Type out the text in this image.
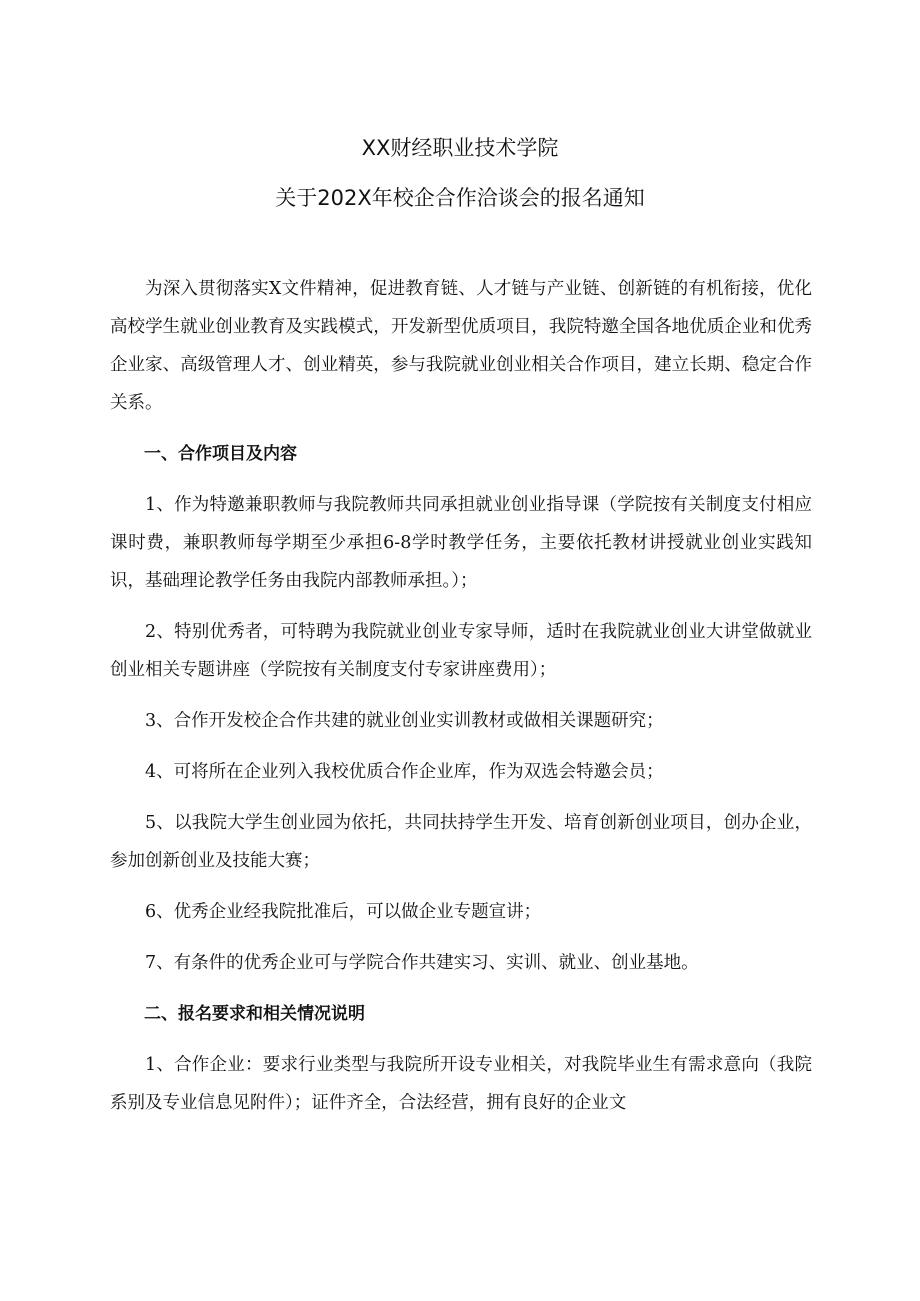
XX财经职业技术学院
关于202X年校企合作洽谈会的报名通知

为深入贯彻落实X文件精神，促进教育链、人才链与产业链、创新链的有机衔接，优化高校学生就业创业教育及实践模式，开发新型优质项目，我院特邀全国各地优质企业和优秀企业家、高级管理人才、创业精英，参与我院就业创业相关合作项目，建立长期、稳定合作关系。

一、合作项目及内容

1、作为特邀兼职教师与我院教师共同承担就业创业指导课（学院按有关制度支付相应课时费，兼职教师每学期至少承担6-8学时教学任务，主要依托教材讲授就业创业实践知识，基础理论教学任务由我院内部教师承担。）；

2、特别优秀者，可特聘为我院就业创业专家导师，适时在我院就业创业大讲堂做就业创业相关专题讲座（学院按有关制度支付专家讲座费用）；

3、合作开发校企合作共建的就业创业实训教材或做相关课题研究；

4、可将所在企业列入我校优质合作企业库，作为双选会特邀会员；

5、以我院大学生创业园为依托，共同扶持学生开发、培育创新创业项目，创办企业，参加创新创业及技能大赛；

6、优秀企业经我院批准后，可以做企业专题宣讲；

7、有条件的优秀企业可与学院合作共建实习、实训、就业、创业基地。

二、报名要求和相关情况说明

1、合作企业：要求行业类型与我院所开设专业相关，对我院毕业生有需求意向（我院系别及专业信息见附件）；证件齐全，合法经营，拥有良好的企业文
